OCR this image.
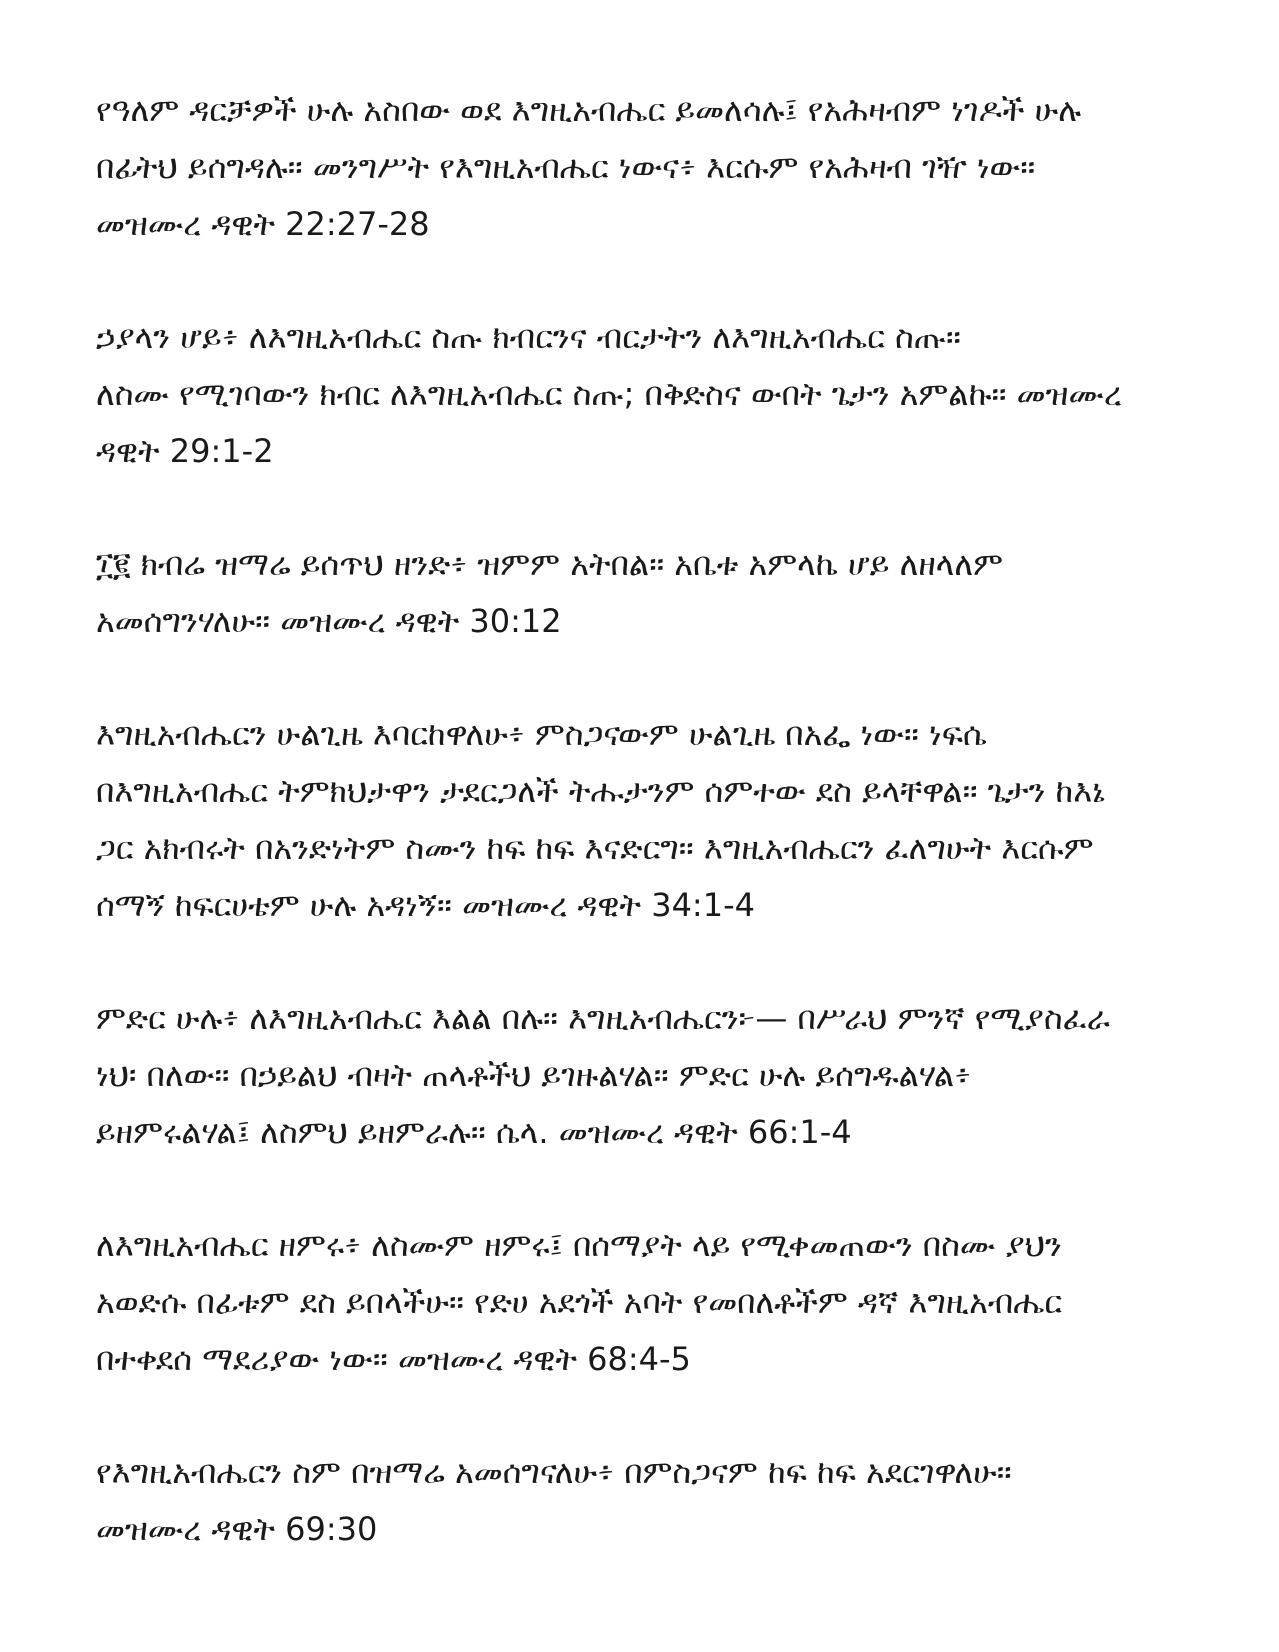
የዓለም ዳርቻዎች ሁሉ አስበው ወደ እግዚአብሔር ይመለሳሉ፤ የአሕዛብም ነገዶች ሁሉ
በፊትህ ይሰግዳሉ። መንግሥት የእግዚአብሔር ነውና፥ እርሱም የአሕዛብ ገዥ ነው።
መዝሙረ ዳዊት 22:27-28
ኃያላን ሆይ፥ ለእግዚአብሔር ስጡ ክብርንና ብርታትን ለእግዚአብሔር ስጡ።
ለስሙ የሚገባውን ክብር ለእግዚአብሔር ስጡ; በቅድስና ውበት ጌታን አምልኩ። መዝሙረ
ዳዊት 29:1-2
፲፪ ክብሬ ዝማሬ ይሰጥህ ዘንድ፥ ዝምም አትበል። አቤቱ አምላኬ ሆይ ለዘላለም
አመሰግንሃለሁ። መዝሙረ ዳዊት 30:12
እግዚአብሔርን ሁልጊዜ እባርከዋለሁ፥ ምስጋናውም ሁልጊዜ በአፌ ነው። ነፍሴ
በእግዚአብሔር ትምክህታዋን ታደርጋለች ትሑታንም ሰምተው ደስ ይላቸዋል። ጌታን ከእኔ
ጋር አክብሩት በአንድነትም ስሙን ከፍ ከፍ እናድርግ። እግዚአብሔርን ፈለግሁት እርሱም
ሰማኝ ከፍርሀቴም ሁሉ አዳነኝ። መዝሙረ ዳዊት 34:1-4
ምድር ሁሉ፥ ለእግዚአብሔር እልል በሉ። እግዚአብሔርን፦— በሥራህ ምንኛ የሚያስፈራ
ነህ፡ በለው። በኃይልህ ብዛት ጠላቶችህ ይገዙልሃል። ምድር ሁሉ ይሰግዱልሃል፥
ይዘምሩልሃል፤ ለስምህ ይዘምራሉ። ሴላ. መዝሙረ ዳዊት 66:1-4
ለእግዚአብሔር ዘምሩ፥ ለስሙም ዘምሩ፤ በሰማያት ላይ የሚቀመጠውን በስሙ ያህን
አወድሱ በፊቱም ደስ ይበላችሁ። የድሀ አደጎች አባት የመበለቶችም ዳኛ እግዚአብሔር
በተቀደሰ ማደሪያው ነው። መዝሙረ ዳዊት 68:4-5
የእግዚአብሔርን ስም በዝማሬ አመሰግናለሁ፥ በምስጋናም ከፍ ከፍ አደርገዋለሁ።
መዝሙረ ዳዊት 69:30
